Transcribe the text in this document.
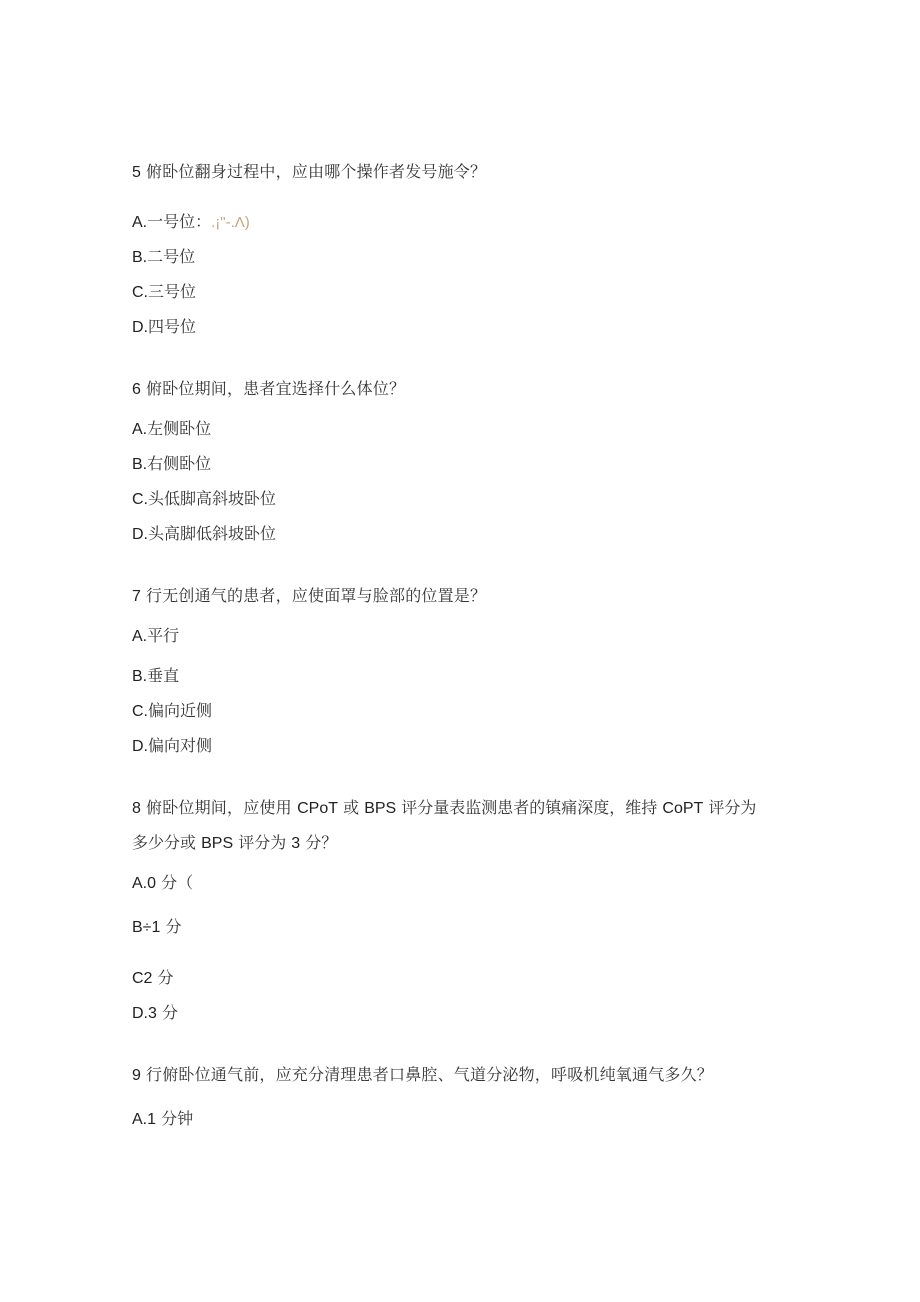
5 俯卧位翻身过程中，应由哪个操作者发号施令？
A.一号位：.¡"-.Λ)
B.二号位
C.三号位
D.四号位
6 俯卧位期间，患者宜选择什么体位？
A.左侧卧位
B.右侧卧位
C.头低脚高斜坡卧位
D.头高脚低斜坡卧位
7 行无创通气的患者，应使面罩与脸部的位置是？
A.平行
B.垂直
C.偏向近侧
D.偏向对侧
8 俯卧位期间，应使用 CPoT 或 BPS 评分量表监测患者的镇痛深度，维持 CoPT 评分为
多少分或 BPS 评分为 3 分？
A.0 分（
B÷1 分
C2 分
D.3 分
9 行俯卧位通气前，应充分清理患者口鼻腔、气道分泌物，呼吸机纯氧通气多久？
A.1 分钟
